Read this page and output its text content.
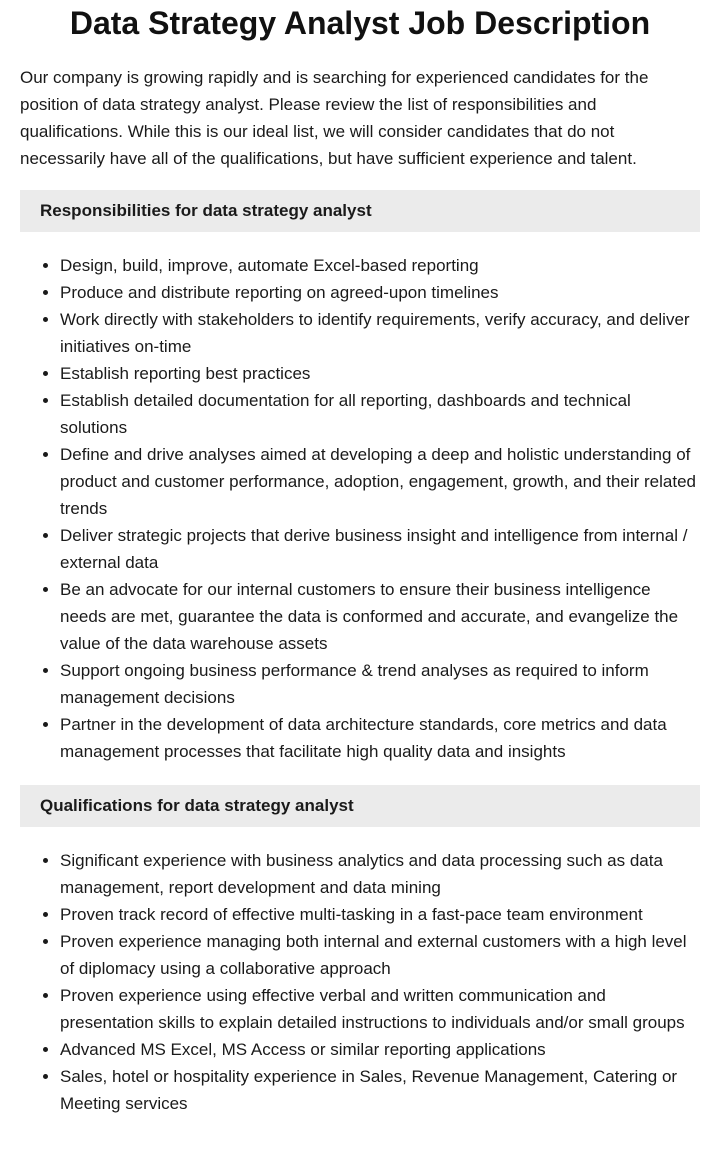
Data Strategy Analyst Job Description

Our company is growing rapidly and is searching for experienced candidates for the position of data strategy analyst. Please review the list of responsibilities and qualifications. While this is our ideal list, we will consider candidates that do not necessarily have all of the qualifications, but have sufficient experience and talent.

Responsibilities for data strategy analyst
• Design, build, improve, automate Excel-based reporting
• Produce and distribute reporting on agreed-upon timelines
• Work directly with stakeholders to identify requirements, verify accuracy, and deliver initiatives on-time
• Establish reporting best practices
• Establish detailed documentation for all reporting, dashboards and technical solutions
• Define and drive analyses aimed at developing a deep and holistic understanding of product and customer performance, adoption, engagement, growth, and their related trends
• Deliver strategic projects that derive business insight and intelligence from internal / external data
• Be an advocate for our internal customers to ensure their business intelligence needs are met, guarantee the data is conformed and accurate, and evangelize the value of the data warehouse assets
• Support ongoing business performance & trend analyses as required to inform management decisions
• Partner in the development of data architecture standards, core metrics and data management processes that facilitate high quality data and insights
Qualifications for data strategy analyst
• Significant experience with business analytics and data processing such as data management, report development and data mining
• Proven track record of effective multi-tasking in a fast-pace team environment
• Proven experience managing both internal and external customers with a high level of diplomacy using a collaborative approach
• Proven experience using effective verbal and written communication and presentation skills to explain detailed instructions to individuals and/or small groups
• Advanced MS Excel, MS Access or similar reporting applications
• Sales, hotel or hospitality experience in Sales, Revenue Management, Catering or Meeting services
